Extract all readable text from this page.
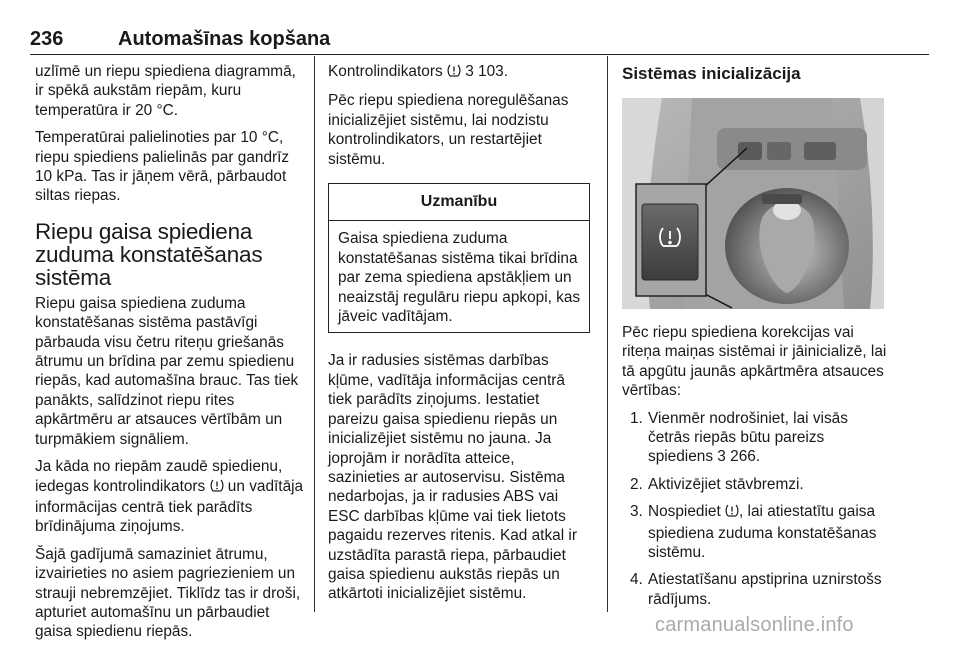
236	Automašīnas kopšana

uzlīmē un riepu spiediena diagrammā, ir spēkā aukstām riepām, kuru temperatūra ir 20 °C.

Temperatūrai palielinoties par 10 °C, riepu spiediens palielinās par gandrīz 10 kPa. Tas ir jāņem vērā, pārbaudot siltas riepas.

Riepu gaisa spiediena zuduma konstatēšanas sistēma

Riepu gaisa spiediena zuduma konstatēšanas sistēma pastāvīgi pārbauda visu četru riteņu griešanās ātrumu un brīdina par zemu spiedienu riepās, kad automašīna brauc. Tas tiek panākts, salīdzinot riepu rites apkārtmēru ar atsauces vērtībām un turpmākiem signāliem.

Ja kāda no riepām zaudē spiedienu, iedegas kontrolindikators  un vadītāja informācijas centrā tiek parādīts brīdinājuma ziņojums.

Šajā gadījumā samaziniet ātrumu, izvairieties no asiem pagriezieniem un strauji nebremzējiet. Tiklīdz tas ir droši, apturiet automašīnu un pārbaudiet gaisa spiedienu riepās.

Kontrolindikators  3 103.

Pēc riepu spiediena noregulēšanas inicializējiet sistēmu, lai nodzistu kontrolindikators, un restartējiet sistēmu.

Uzmanību
Gaisa spiediena zuduma konstatēšanas sistēma tikai brīdina par zema spiediena apstākļiem un neaizstāj regulāru riepu apkopi, kas jāveic vadītājam.

Ja ir radusies sistēmas darbības kļūme, vadītāja informācijas centrā tiek parādīts ziņojums. Iestatiet pareizu gaisa spiedienu riepās un inicializējiet sistēmu no jauna. Ja joprojām ir norādīta atteice, sazinieties ar autoservisu. Sistēma nedarbojas, ja ir radusies ABS vai ESC darbības kļūme vai tiek lietots pagaidu rezerves ritenis. Kad atkal ir uzstādīta parastā riepa, pārbaudiet gaisa spiedienu aukstās riepās un atkārtoti inicializējiet sistēmu.

Sistēmas inicializācija

Pēc riepu spiediena korekcijas vai riteņa maiņas sistēmai ir jāinicializē, lai tā apgūtu jaunās apkārtmēra atsauces vērtības:

1. Vienmēr nodrošiniet, lai visās četrās riepās būtu pareizs spiediens 3 266.
2. Aktivizējiet stāvbremzi.
3. Nospiediet , lai atiestatītu gaisa spiediena zuduma konstatēšanas sistēmu.
4. Atiestatīšanu apstiprina uznirstošs rādījums.
carmanualsonline.info
